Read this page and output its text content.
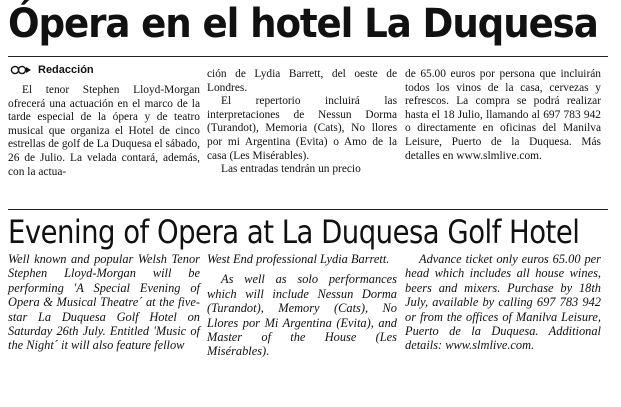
Ópera en el hotel La Duquesa
Redacción

El tenor Stephen Lloyd-Morgan ofrecerá una actuación en el marco de la tarde especial de la ópera y de teatro musical que organiza el Hotel de cinco estrellas de golf de La Duquesa el sábado, 26 de Julio. La velada contará, además, con la actua-

ción de Lydia Barrett, del oeste de Londres.

El repertorio incluirá las interpretaciones de Nessun Dorma (Turandot), Memoria (Cats), No llores por mi Argentina (Evita) o Amo de la casa (Les Misérables).

Las entradas tendrán un precio

de 65.00 euros por persona que incluirán todos los vinos de la casa, cervezas y refrescos. La compra se podrá realizar hasta el 18 Julio, llamando al 697 783 942 o directamente en oficinas del Manilva Leisure, Puerto de la Duquesa. Más detalles en www.slmlive.com.

Evening of Opera at La Duquesa Golf Hotel

Well known and popular Welsh Tenor Stephen Lloyd-Morgan will be performing 'A Special Evening of Opera & Musical Theatre´ at the five-star La Duquesa Golf Hotel on Saturday 26th July. Entitled 'Music of the Night´ it will also feature fellow

West End professional Lydia Barrett.

As well as solo performances which will include Nessun Dorma (Turandot), Memory (Cats), No Llores por Mi Argentina (Evita), and Master of the House (Les Misérables).

Advance ticket only euros 65.00 per head which includes all house wines, beers and mixers. Purchase by 18th July, available by calling 697 783 942 or from the offices of Manilva Leisure, Puerto de la Duquesa. Additional details: www.slmlive.com.
